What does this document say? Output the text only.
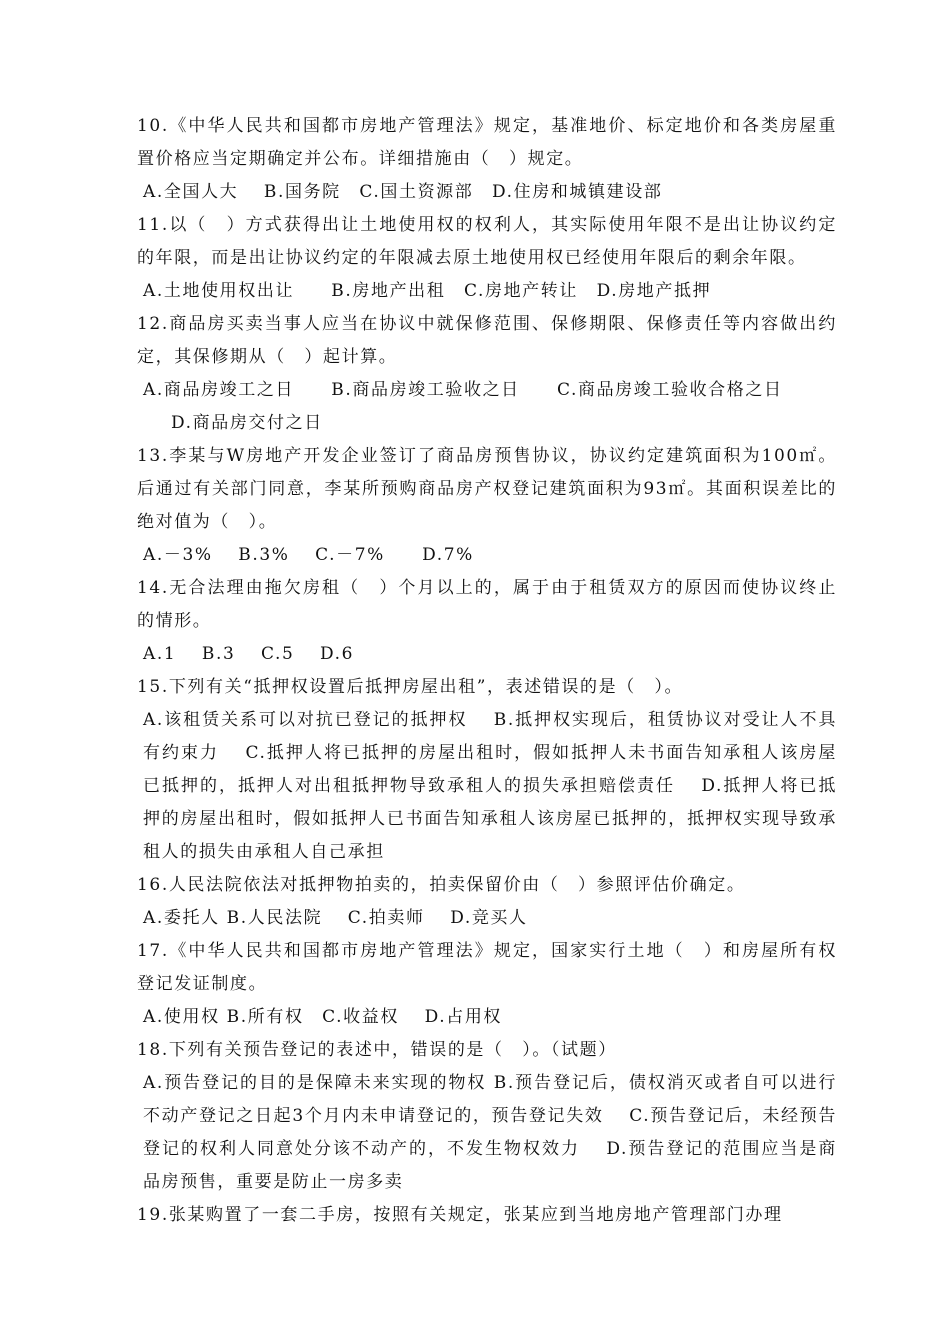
10.《中华人民共和国都市房地产管理法》规定，基准地价、标定地价和各类房屋重置价格应当定期确定并公布。详细措施由（　）规定。

A.全国人大　 B.国务院　C.国土资源部　D.住房和城镇建设部

11.以（　）方式获得出让土地使用权的权利人，其实际使用年限不是出让协议约定的年限，而是出让协议约定的年限减去原土地使用权已经使用年限后的剩余年限。

A.土地使用权出让　　B.房地产出租　C.房地产转让　D.房地产抵押

12.商品房买卖当事人应当在协议中就保修范围、保修期限、保修责任等内容做出约定，其保修期从（　）起计算。

A.商品房竣工之日　　B.商品房竣工验收之日　　C.商品房竣工验收合格之日

D.商品房交付之日

13.李某与W房地产开发企业签订了商品房预售协议，协议约定建筑面积为100㎡。后通过有关部门同意，李某所预购商品房产权登记建筑面积为93㎡。其面积误差比的绝对值为（　）。

A.－3%　 B.3%　 C.－7%　　D.7%

14.无合法理由拖欠房租（　）个月以上的，属于由于租赁双方的原因而使协议终止的情形。

A.1　 B.3　 C.5　 D.6

15.下列有关“抵押权设置后抵押房屋出租”，表述错误的是（　）。

A.该租赁关系可以对抗已登记的抵押权　 B.抵押权实现后，租赁协议对受让人不具有约束力　 C.抵押人将已抵押的房屋出租时，假如抵押人未书面告知承租人该房屋已抵押的，抵押人对出租抵押物导致承租人的损失承担赔偿责任　 D.抵押人将已抵押的房屋出租时，假如抵押人已书面告知承租人该房屋已抵押的，抵押权实现导致承租人的损失由承租人自己承担

16.人民法院依法对抵押物拍卖的，拍卖保留价由（　）参照评估价确定。

A.委托人 B.人民法院　 C.拍卖师　 D.竞买人

17.《中华人民共和国都市房地产管理法》规定，国家实行土地（　）和房屋所有权登记发证制度。

A.使用权 B.所有权　C.收益权　 D.占用权

18.下列有关预告登记的表述中，错误的是（　）。（试题）

A.预告登记的目的是保障未来实现的物权 B.预告登记后，债权消灭或者自可以进行不动产登记之日起3个月内未申请登记的，预告登记失效　 C.预告登记后，未经预告登记的权利人同意处分该不动产的，不发生物权效力　 D.预告登记的范围应当是商品房预售，重要是防止一房多卖

19.张某购置了一套二手房，按照有关规定，张某应到当地房地产管理部门办理
